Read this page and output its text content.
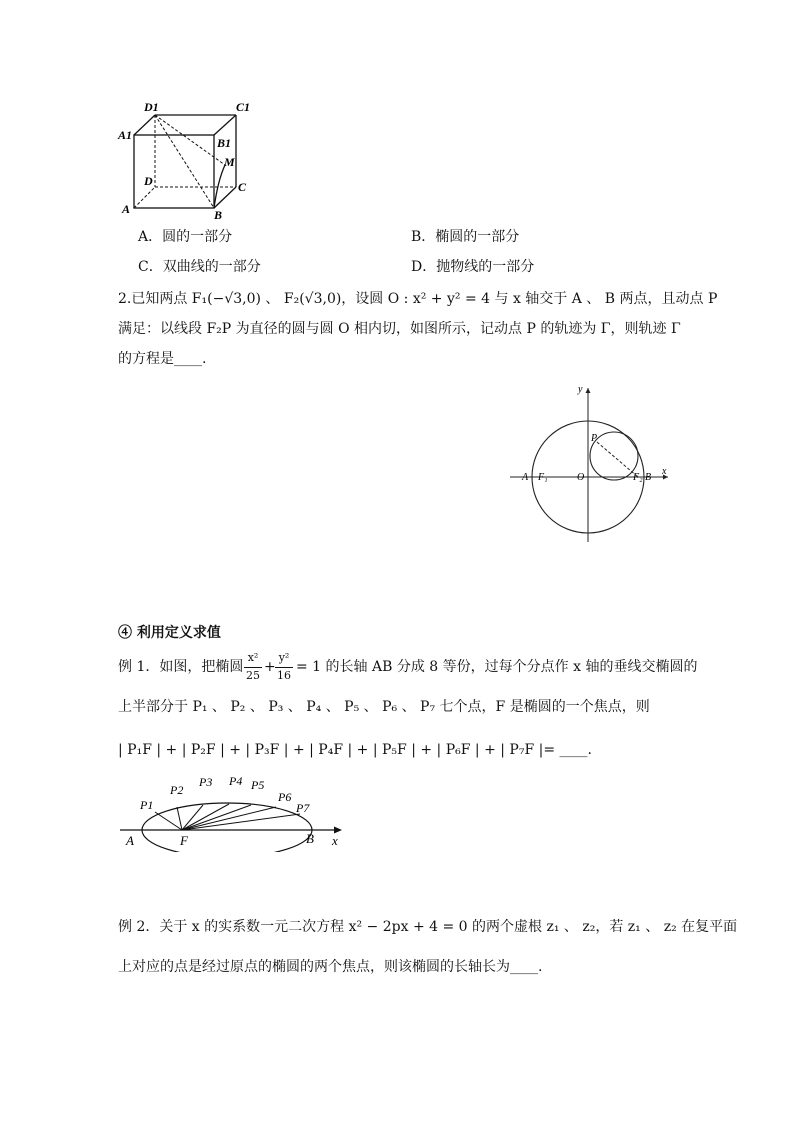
D1	C1
A1
B1
M
D	C
A	B
A．圆的一部分	B．椭圆的一部分
C．双曲线的一部分	D．抛物线的一部分
2.已知两点 F₁(−√3,0) 、 F₂(√3,0)，设圆 O : x² + y² = 4 与 x 轴交于 A 、 B 两点，且动点 P
满足：以线段 F₂P 为直径的圆与圆 O 相内切，如图所示，记动点 P 的轨迹为 Γ，则轨迹 Γ
的方程是____.
y
x
P
A F₁	O	F₂ B
④ 利用定义求值
例 1．如图，把椭圆
x²
25
+
y²
16
= 1 的长轴 AB 分成 8 等份，过每个分点作 x 轴的垂线交椭圆的
上半部分于 P₁ 、 P₂ 、 P₃ 、 P₄ 、 P₅ 、 P₆ 、 P₇ 七个点，F 是椭圆的一个焦点，则
| P₁F | + | P₂F | + | P₃F | + | P₄F | + | P₅F | + | P₆F | + | P₇F |= ____.
P1
P2
P3 P4 P5
P6
P7
A	F	B x
例 2．关于 x 的实系数一元二次方程 x² − 2px + 4 = 0 的两个虚根 z₁ 、 z₂，若 z₁ 、 z₂ 在复平面
上对应的点是经过原点的椭圆的两个焦点，则该椭圆的长轴长为____.
